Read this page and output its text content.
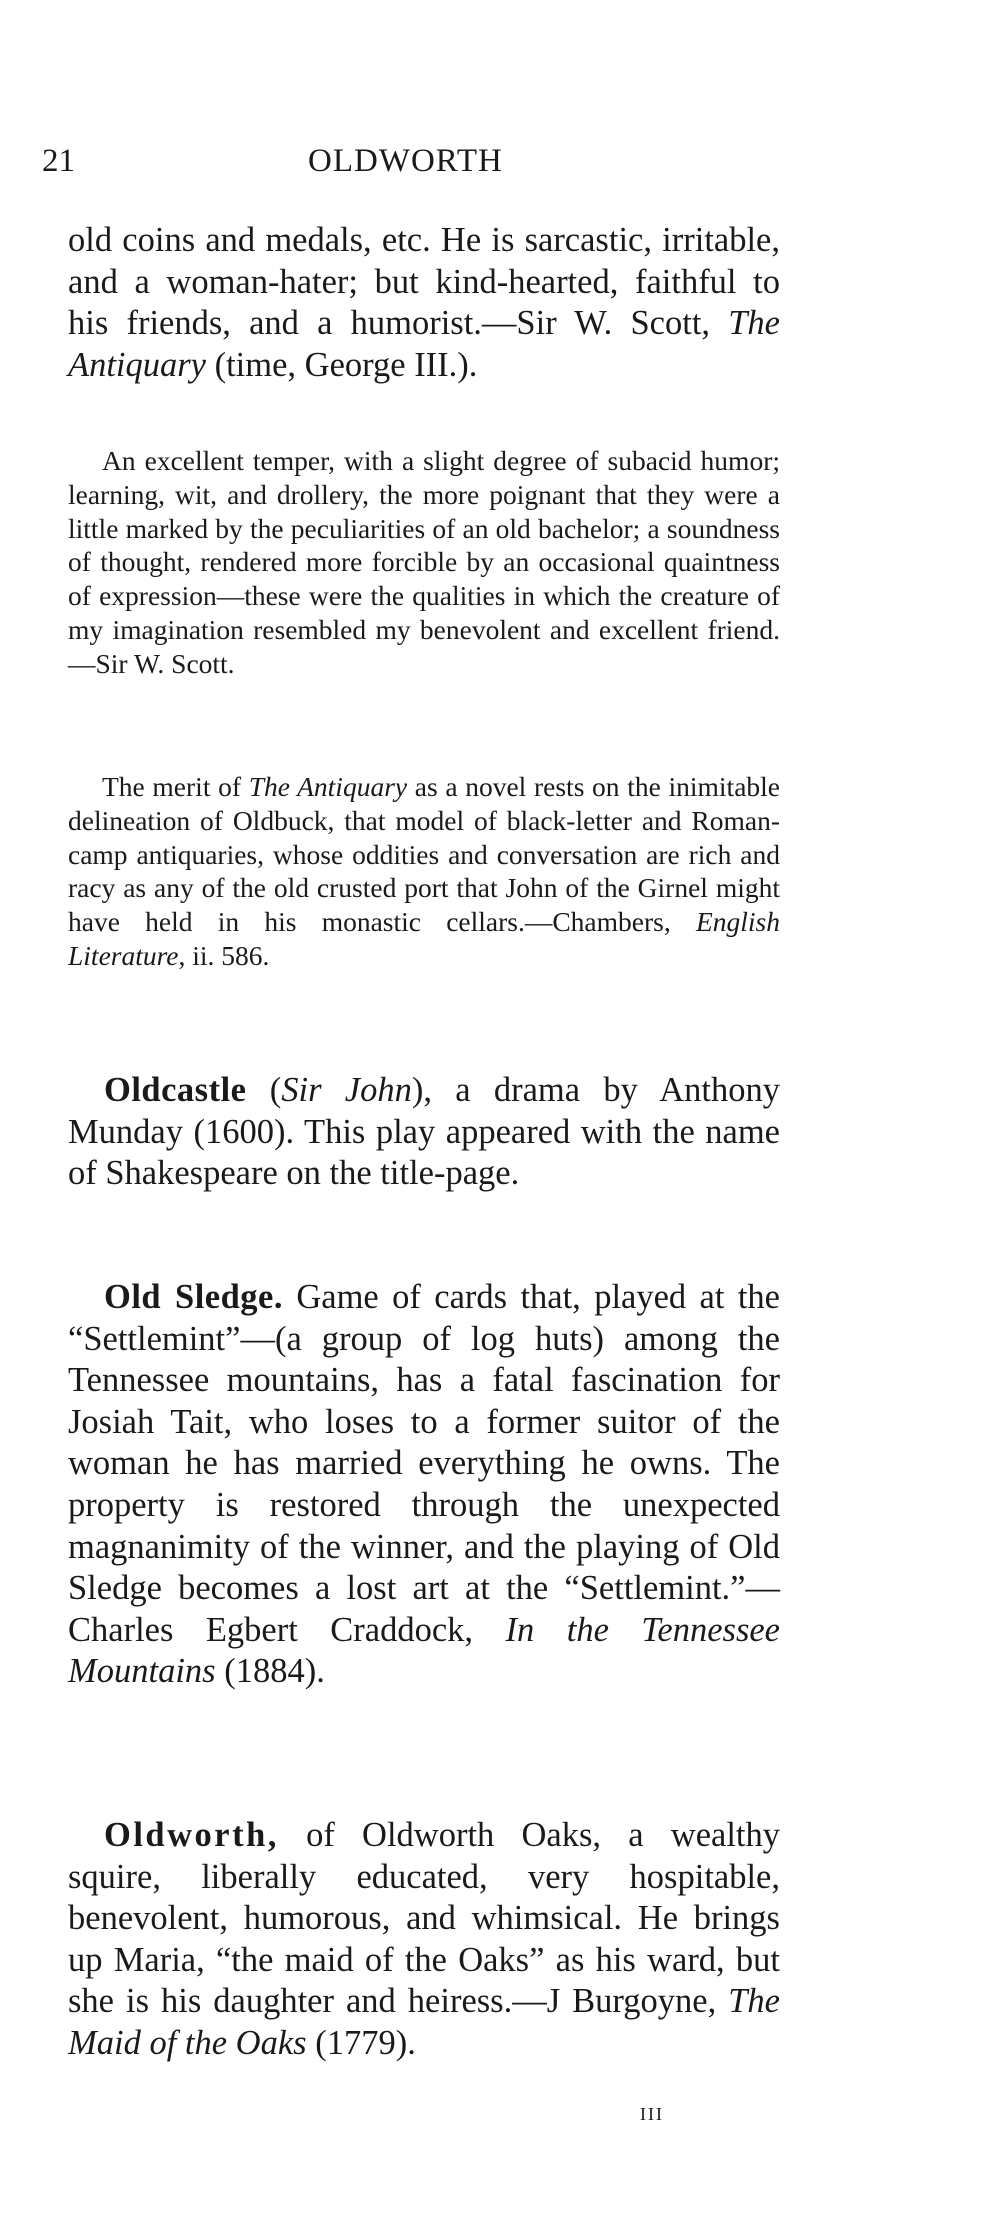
21	OLDWORTH

old coins and medals, etc. He is sarcastic, irritable, and a woman-hater; but kind-hearted, faithful to his friends, and a humorist.—Sir W. Scott, The Antiquary (time, George III.).

An excellent temper, with a slight degree of subacid humor; learning, wit, and drollery, the more poignant that they were a little marked by the peculiarities of an old bachelor; a soundness of thought, rendered more forcible by an occasional quaintness of expression—these were the qualities in which the creature of my imagination resembled my benevolent and excellent friend.—Sir W. Scott.

The merit of The Antiquary as a novel rests on the inimitable delineation of Oldbuck, that model of black-letter and Roman-camp antiquaries, whose oddities and conversation are rich and racy as any of the old crusted port that John of the Girnel might have held in his monastic cellars.—Chambers, English Literature, ii. 586.

Oldcastle (Sir John), a drama by Anthony Munday (1600). This play appeared with the name of Shakespeare on the title-page.

Old Sledge. Game of cards that, played at the “Settlemint”—(a group of log huts) among the Tennessee mountains, has a fatal fascination for Josiah Tait, who loses to a former suitor of the woman he has married everything he owns. The property is restored through the unexpected magnanimity of the winner, and the playing of Old Sledge becomes a lost art at the “Settlemint.”—Charles Egbert Craddock, In the Tennessee Mountains (1884).

Oldworth, of Oldworth Oaks, a wealthy squire, liberally educated, very hospitable, benevolent, humorous, and whimsical. He brings up Maria, “the maid of the Oaks” as his ward, but she is his daughter and heiress.—J Burgoyne, The Maid of the Oaks (1779).

III
